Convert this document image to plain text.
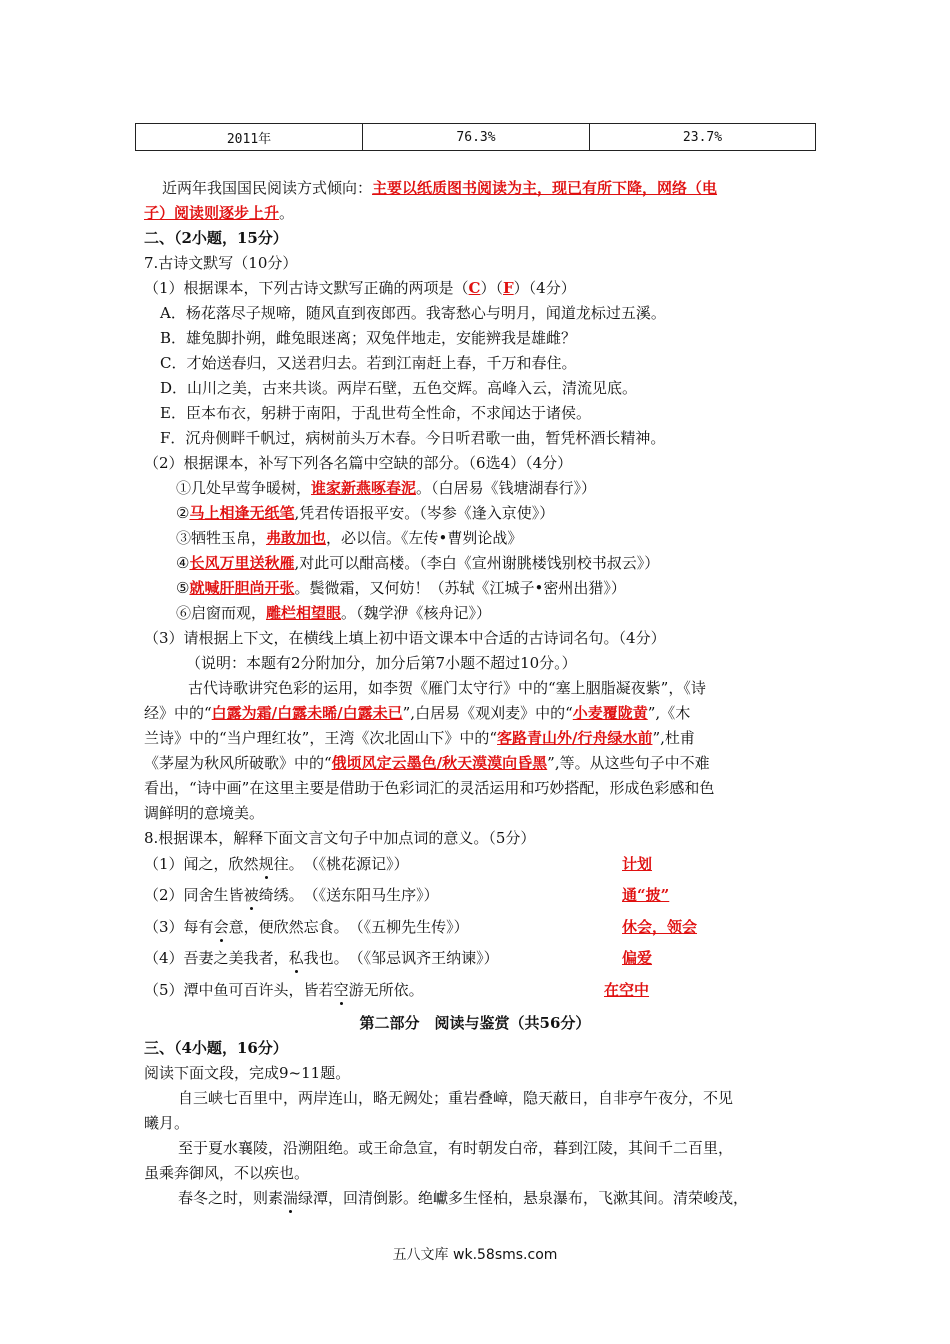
2011年	76.3%	23.7%
近两年我国国民阅读方式倾向：主要以纸质图书阅读为主，现已有所下降，网络（电
子）阅读则逐步上升。
二、（2小题，15分）
7.古诗文默写（10分）
（1）根据课本，下列古诗文默写正确的两项是（C）（F）（4分）
A．杨花落尽子规啼，随风直到夜郎西。我寄愁心与明月，闻道龙标过五溪。
B．雄兔脚扑朔，雌兔眼迷离；双兔伴地走，安能辨我是雄雌？
C．才始送春归，又送君归去。若到江南赶上春，千万和春住。
D．山川之美，古来共谈。两岸石壁，五色交辉。高峰入云，清流见底。
E．臣本布衣，躬耕于南阳，于乱世苟全性命，不求闻达于诸侯。
F．沉舟侧畔千帆过，病树前头万木春。今日听君歌一曲，暂凭杯酒长精神。
（2）根据课本，补写下列各名篇中空缺的部分。（6选4）（4分）
①几处早莺争暖树，谁家新燕啄春泥。（白居易《钱塘湖春行》）
②马上相逢无纸笔,凭君传语报平安。（岑参《逢入京使》）
③牺牲玉帛，弗敢加也，必以信。《左传•曹刿论战》
④长风万里送秋雁,对此可以酣高楼。（李白《宣州谢朓楼饯别校书叔云》）
⑤就喊肝胆尚开张。鬓微霜，又何妨！（苏轼《江城子•密州出猎》）
⑥启窗而观，雕栏相望眼。（魏学洢《核舟记》）
（3）请根据上下文，在横线上填上初中语文课本中合适的古诗词名句。（4分）
（说明：本题有2分附加分，加分后第7小题不超过10分。）
古代诗歌讲究色彩的运用，如李贺《雁门太守行》中的“塞上胭脂凝夜紫”，《诗
经》中的“白露为霜/白露未晞/白露未已”,白居易《观刈麦》中的“小麦覆陇黄”,《木
兰诗》中的“当户理红妆”，王湾《次北固山下》中的“客路青山外/行舟绿水前”,杜甫
《茅屋为秋风所破歌》中的“俄顷风定云墨色/秋天漠漠向昏黑”,等。从这些句子中不难
看出，“诗中画”在这里主要是借助于色彩词汇的灵活运用和巧妙搭配，形成色彩感和色
调鲜明的意境美。
8.根据课本，解释下面文言文句子中加点词的意义。（5分）
（1）闻之，欣然规往。　（《桃花源记》）	计划
（2）同舍生皆被绮绣。　（《送东阳马生序》）	通“披”
（3）每有会意，便欣然忘食。　（《五柳先生传》）	休会，领会
（4）吾妻之美我者，私我也。　（《邹忌讽齐王纳谏》）	偏爱
（5）潭中鱼可百许头，皆若空游无所依。	在空中
第二部分　阅读与鉴赏（共56分）
三、（4小题，16分）
阅读下面文段，完成9~11题。
自三峡七百里中，两岸连山，略无阙处；重岩叠嶂，隐天蔽日，自非亭午夜分，不见
曦月。
至于夏水襄陵，沿溯阻绝。或王命急宣，有时朝发白帝，暮到江陵，其间千二百里，
虽乘奔御风，不以疾也。
春冬之时，则素湍绿潭，回清倒影。绝巘多生怪柏，悬泉瀑布，飞漱其间。清荣峻茂，
五八文库 wk.58sms.com
